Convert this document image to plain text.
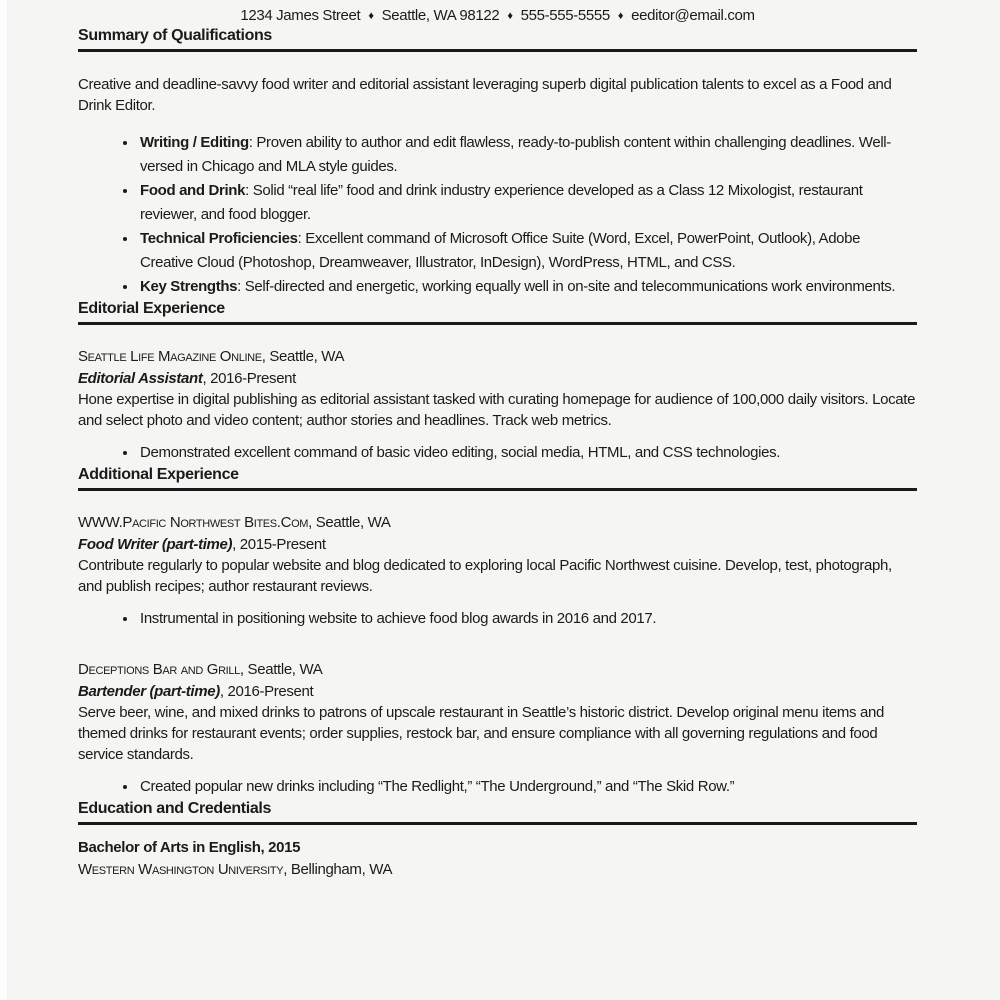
1234 James Street ♦ Seattle, WA 98122 ♦ 555-555-5555 ♦ eeditor@email.com
Summary of Qualifications

Creative and deadline-savvy food writer and editorial assistant leveraging superb digital publication talents to excel as a Food and Drink Editor.

• Writing / Editing: Proven ability to author and edit flawless, ready-to-publish content within challenging deadlines. Well-versed in Chicago and MLA style guides.
• Food and Drink: Solid “real life” food and drink industry experience developed as a Class 12 Mixologist, restaurant reviewer, and food blogger.
• Technical Proficiencies: Excellent command of Microsoft Office Suite (Word, Excel, PowerPoint, Outlook), Adobe Creative Cloud (Photoshop, Dreamweaver, Illustrator, InDesign), WordPress, HTML, and CSS.
• Key Strengths: Self-directed and energetic, working equally well in on-site and telecommunications work environments.
Editorial Experience

Seattle Life Magazine Online, Seattle, WA

Editorial Assistant, 2016-Present

Hone expertise in digital publishing as editorial assistant tasked with curating homepage for audience of 100,000 daily visitors. Locate and select photo and video content; author stories and headlines. Track web metrics.

• Demonstrated excellent command of basic video editing, social media, HTML, and CSS technologies.
Additional Experience

WWW.Pacific Northwest Bites.Com, Seattle, WA

Food Writer (part-time), 2015-Present

Contribute regularly to popular website and blog dedicated to exploring local Pacific Northwest cuisine. Develop, test, photograph, and publish recipes; author restaurant reviews.

• Instrumental in positioning website to achieve food blog awards in 2016 and 2017.

Deceptions Bar and Grill, Seattle, WA

Bartender (part-time), 2016-Present

Serve beer, wine, and mixed drinks to patrons of upscale restaurant in Seattle’s historic district. Develop original menu items and themed drinks for restaurant events; order supplies, restock bar, and ensure compliance with all governing regulations and food service standards.

• Created popular new drinks including “The Redlight,” “The Underground,” and “The Skid Row.”
Education and Credentials

Bachelor of Arts in English, 2015

Western Washington University, Bellingham, WA
